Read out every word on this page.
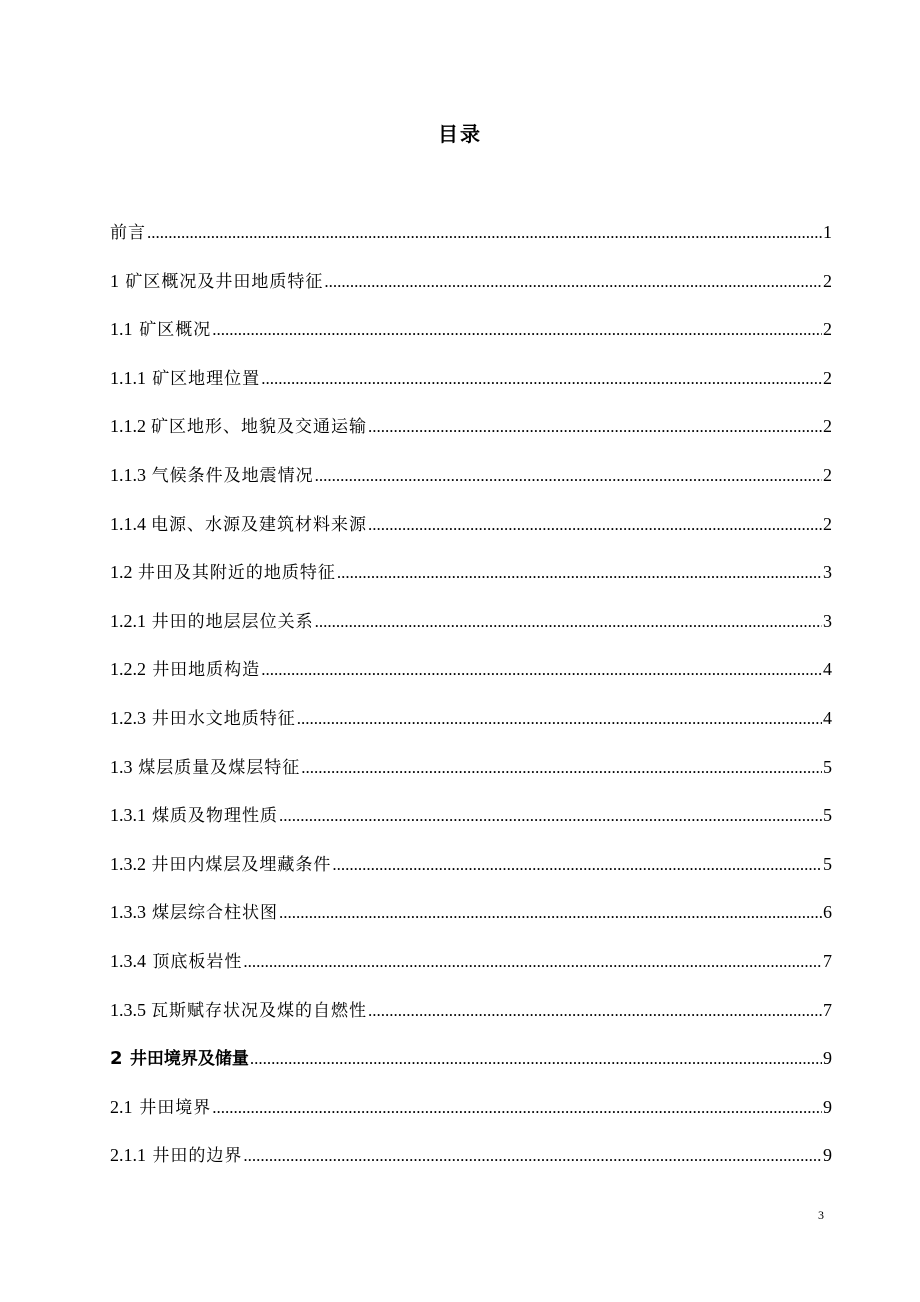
目录
前言 .....	1
1 矿区概况及井田地质特征 .....	2
1.1 矿区概况 .....	2
1.1.1 矿区地理位置 .....	2
1.1.2 矿区地形、地貌及交通运输 .....	2
1.1.3 气候条件及地震情况 .....	2
1.1.4 电源、水源及建筑材料来源 .....	2
1.2 井田及其附近的地质特征 .....	3
1.2.1 井田的地层层位关系 .....	3
1.2.2 井田地质构造 .....	4
1.2.3 井田水文地质特征 .....	4
1.3 煤层质量及煤层特征 .....	5
1.3.1 煤质及物理性质 .....	5
1.3.2 井田内煤层及埋藏条件 .....	5
1.3.3 煤层综合柱状图 .....	6
1.3.4 顶底板岩性 .....	7
1.3.5 瓦斯赋存状况及煤的自燃性 .....	7
2 井田境界及储量 .....	9
2.1 井田境界 .....	9
2.1.1 井田的边界 .....	9
3
